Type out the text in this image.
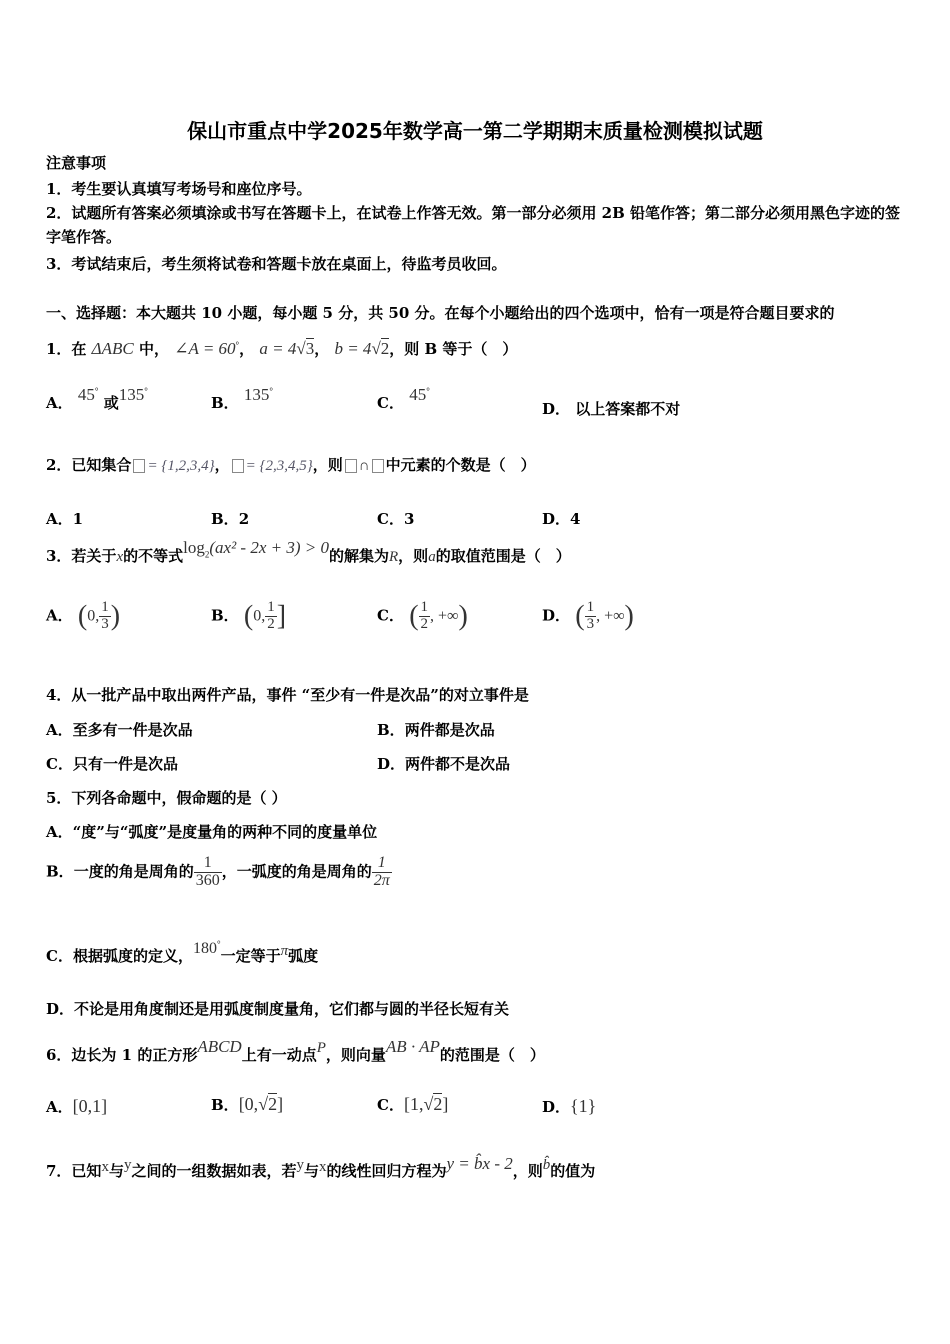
保山市重点中学2025年数学高一第二学期期末质量检测模拟试题
注意事项
1．考生要认真填写考场号和座位序号。
2．试题所有答案必须填涂或书写在答题卡上，在试卷上作答无效。第一部分必须用 2B 铅笔作答；第二部分必须用黑色字迹的签字笔作答。
3．考试结束后，考生须将试卷和答题卡放在桌面上，待监考员收回。
一、选择题：本大题共 10 小题，每小题 5 分，共 50 分。在每个小题给出的四个选项中，恰有一项是符合题目要求的
1．在 ΔABC 中， ∠A = 60°， a = 4√3， b = 4√2，则 B 等于（　）
A． 45° 或135°
B． 135°
C． 45°
D． 以上答案都不对
2．已知集合 = {1,2,3,4}， = {2,3,4,5}，则 ∩ 中元素的个数是（　）
A．1	B．2	C．3	D．4
3．若关于x的不等式$\log_2(ax^2 - 2x + 3) > 0$的解集为R，则a的取值范围是（　）
A． (0, $\frac{1}{3}$ )	B． (0, $\frac{1}{2}$ ]	C． ( $\frac{1}{2}$ , +∞)	D． ( $\frac{1}{3}$ , +∞)
4．从一批产品中取出两件产品，事件 “至少有一件是次品”的对立事件是
A．至多有一件是次品	B．两件都是次品
C．只有一件是次品	D．两件都不是次品
5．下列各命题中，假命题的是（ ）
A．“度”与“弧度”是度量角的两种不同的度量单位
B．一度的角是周角的 $\frac{1}{360}$ ，一弧度的角是周角的 $\frac{1}{2\pi}$
C．根据弧度的定义，180°一定等于π弧度
D．不论是用角度制还是用弧度制度量角，它们都与圆的半径长短有关
6．边长为 1 的正方形ABCD上有一动点P，则向量AB · AP的范围是（　）
A．[0,1]	B．[0,√2]	C．[1,√2]	D．{1}
7．已知x与y之间的一组数据如表，若y与x的线性回归方程为y = b̂x - 2，则b̂的值为
